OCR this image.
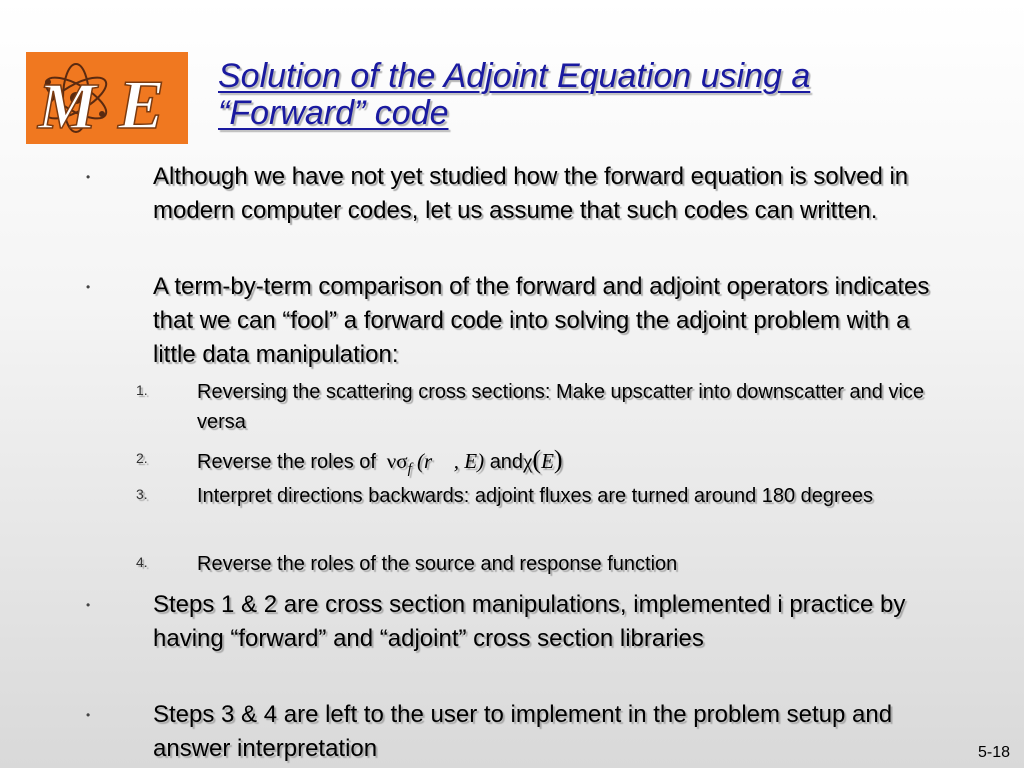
M E Solution of the Adjoint Equation using a “Forward” code
•	Although we have not yet studied how the forward equation is solved in modern computer codes, let us assume that such codes can written.
•	A term-by-term comparison of the forward and adjoint operators indicates that we can “fool” a forward code into solving the adjoint problem with a little data manipulation:
1. Reversing the scattering cross sections: Make upscatter into downscatter and vice versa
2. Reverse the roles of $\nu\sigma_f$ (r⃗ , E) andχ(E)
3. Interpret directions backwards: adjoint fluxes are turned around 180 degrees
4. Reverse the roles of the source and response function
•	Steps 1 & 2 are cross section manipulations, implemented i practice by having “forward” and “adjoint” cross section libraries
•	Steps 3 & 4 are left to the user to implement in the problem setup and answer interpretation	5-18
